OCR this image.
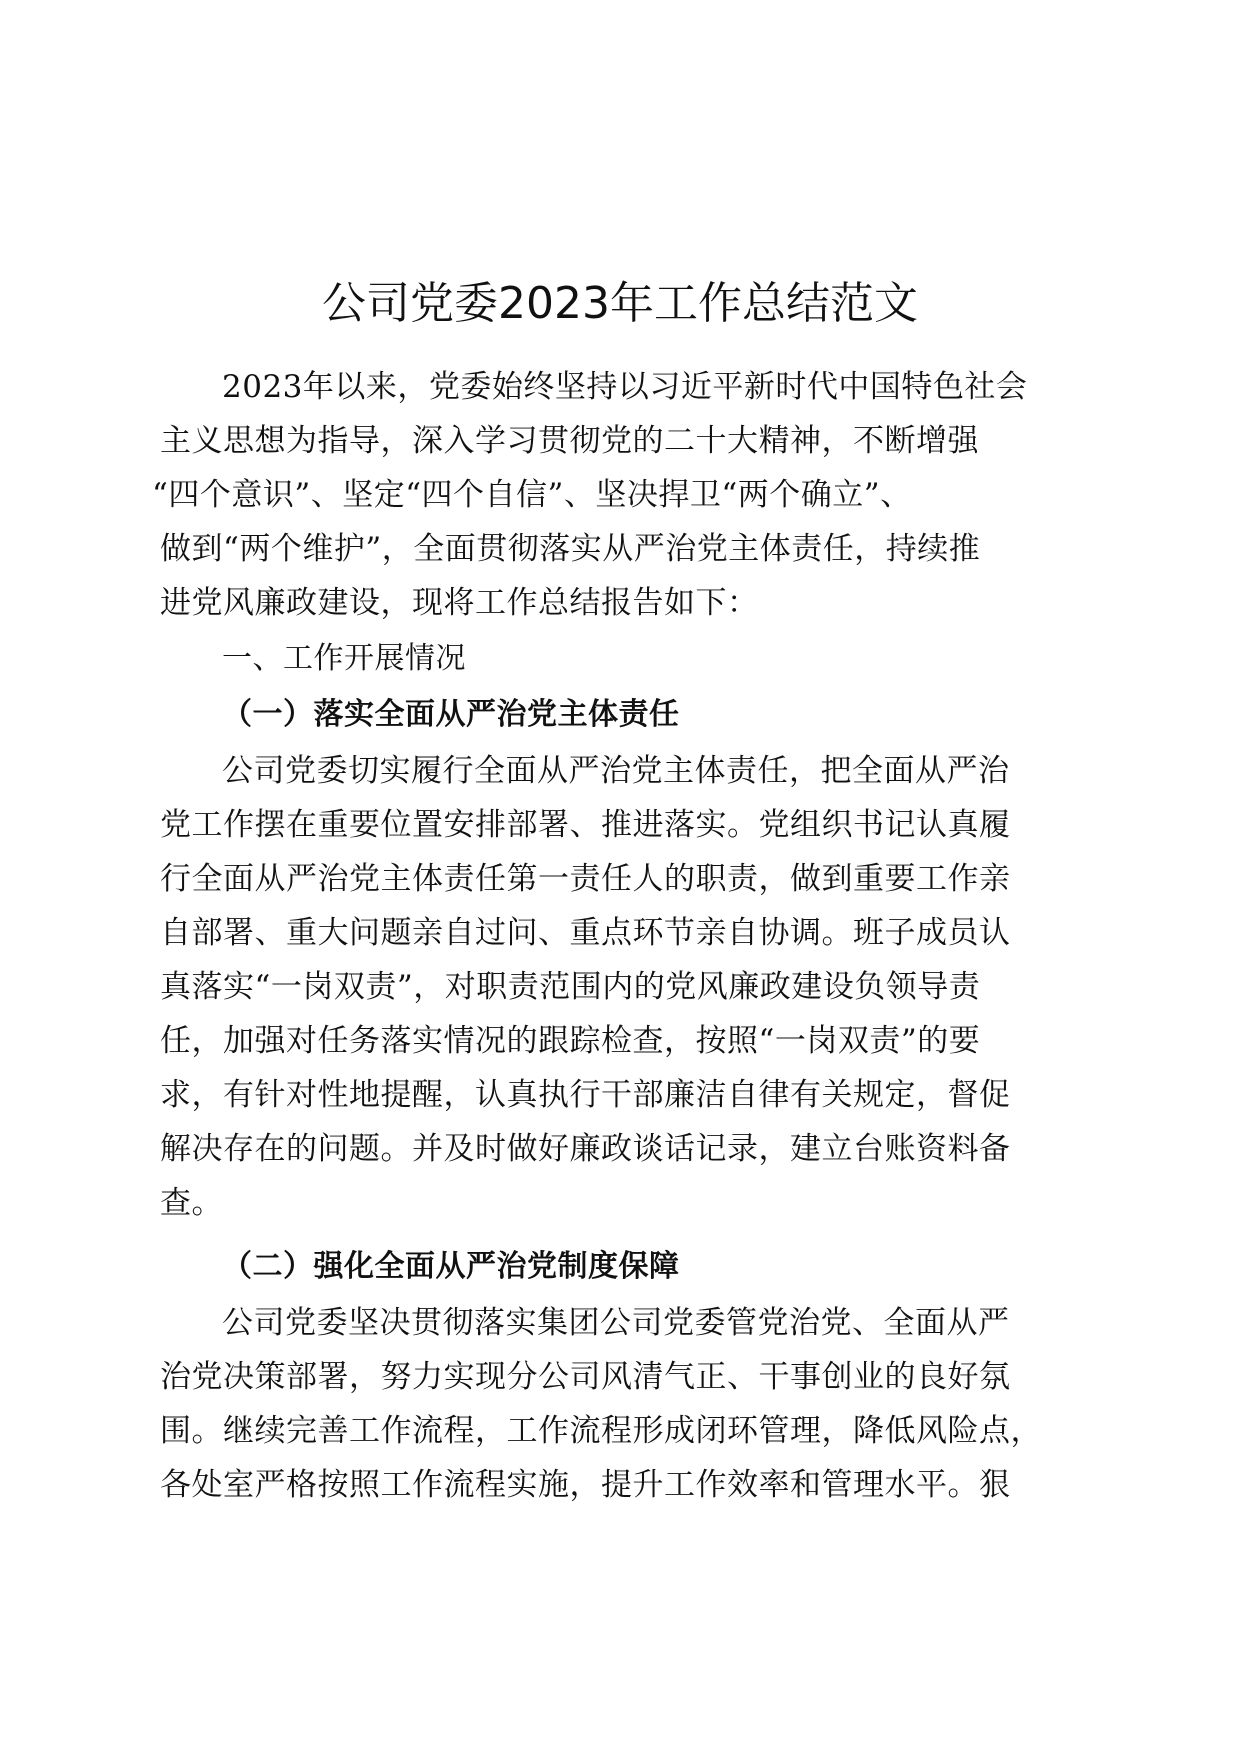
公司党委2023年工作总结范文
2023年以来，党委始终坚持以习近平新时代中国特色社会
主义思想为指导，深入学习贯彻党的二十大精神，不断增强
“四个意识”、坚定“四个自信”、坚决捍卫“两个确立”、
做到“两个维护”，全面贯彻落实从严治党主体责任，持续推
进党风廉政建设，现将工作总结报告如下：
一、工作开展情况
（一）落实全面从严治党主体责任
公司党委切实履行全面从严治党主体责任，把全面从严治
党工作摆在重要位置安排部署、推进落实。党组织书记认真履
行全面从严治党主体责任第一责任人的职责，做到重要工作亲
自部署、重大问题亲自过问、重点环节亲自协调。班子成员认
真落实“一岗双责”，对职责范围内的党风廉政建设负领导责
任，加强对任务落实情况的跟踪检查，按照“一岗双责”的要
求，有针对性地提醒，认真执行干部廉洁自律有关规定，督促
解决存在的问题。并及时做好廉政谈话记录，建立台账资料备
查。
（二）强化全面从严治党制度保障
公司党委坚决贯彻落实集团公司党委管党治党、全面从严
治党决策部署，努力实现分公司风清气正、干事创业的良好氛
围。继续完善工作流程，工作流程形成闭环管理，降低风险点，
各处室严格按照工作流程实施，提升工作效率和管理水平。狠
